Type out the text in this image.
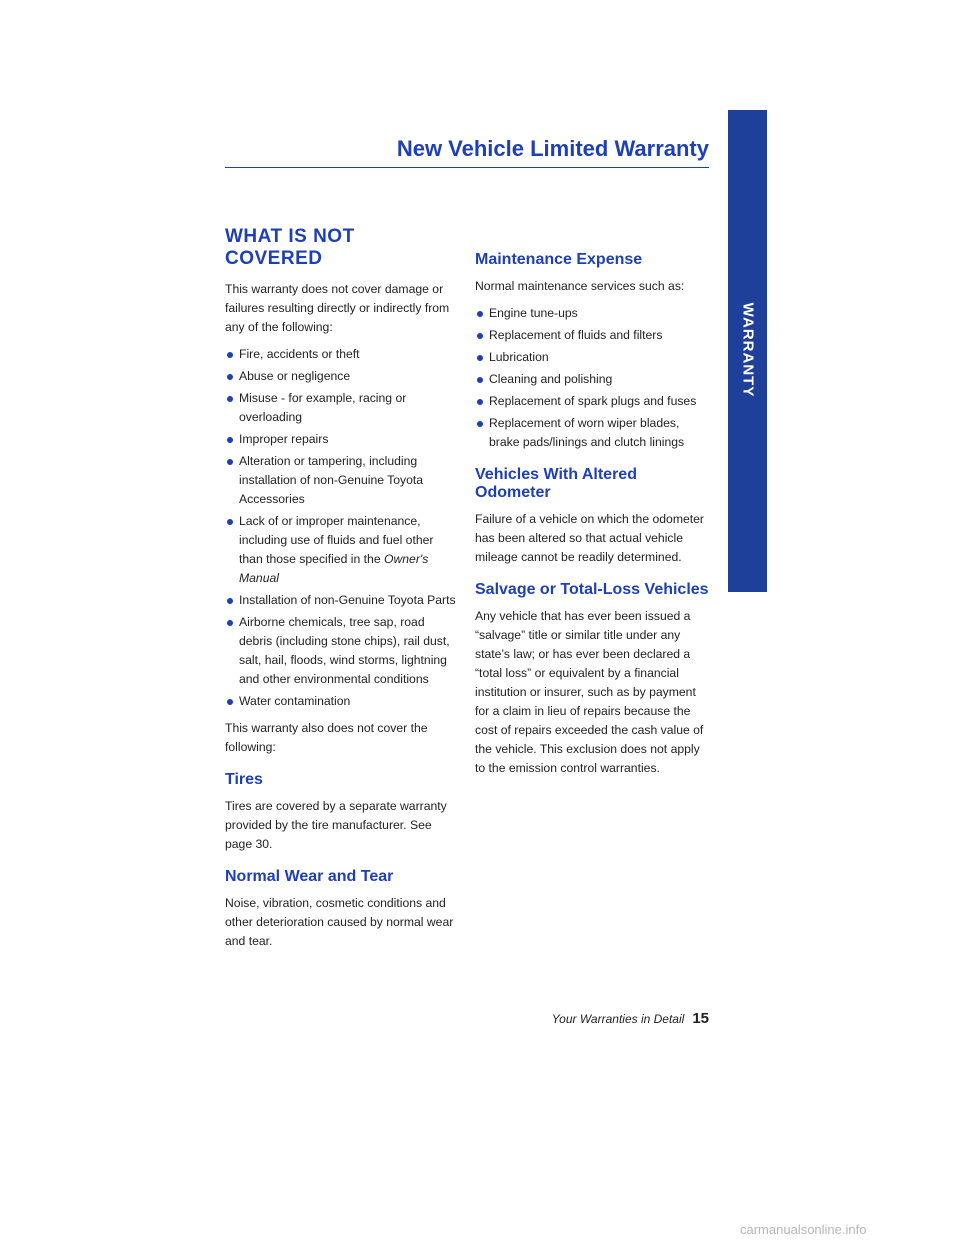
WARRANTY
New Vehicle Limited Warranty
WHAT IS NOT COVERED

This warranty does not cover damage or failures resulting directly or indirectly from any of the following:

Fire, accidents or theft
Abuse or negligence
Misuse - for example, racing or overloading
Improper repairs
Alteration or tampering, including installation of non-Genuine Toyota Accessories
Lack of or improper maintenance, including use of fluids and fuel other than those specified in the Owner's Manual
Installation of non-Genuine Toyota Parts
Airborne chemicals, tree sap, road debris (including stone chips), rail dust, salt, hail, floods, wind storms, lightning and other environmental conditions
Water contamination

This warranty also does not cover the following:

Tires

Tires are covered by a separate warranty provided by the tire manufacturer. See page 30.

Normal Wear and Tear

Noise, vibration, cosmetic conditions and other deterioration caused by normal wear and tear.

Maintenance Expense

Normal maintenance services such as:

Engine tune-ups
Replacement of fluids and filters
Lubrication
Cleaning and polishing
Replacement of spark plugs and fuses
Replacement of worn wiper blades, brake pads/linings and clutch linings
Vehicles With Altered Odometer

Failure of a vehicle on which the odometer has been altered so that actual vehicle mileage cannot be readily determined.

Salvage or Total-Loss Vehicles

Any vehicle that has ever been issued a “salvage” title or similar title under any state’s law; or has ever been declared a “total loss” or equivalent by a financial institution or insurer, such as by payment for a claim in lieu of repairs because the cost of repairs exceeded the cash value of the vehicle. This exclusion does not apply to the emission control warranties.

Your Warranties in Detail 15
carmanualsonline.info
